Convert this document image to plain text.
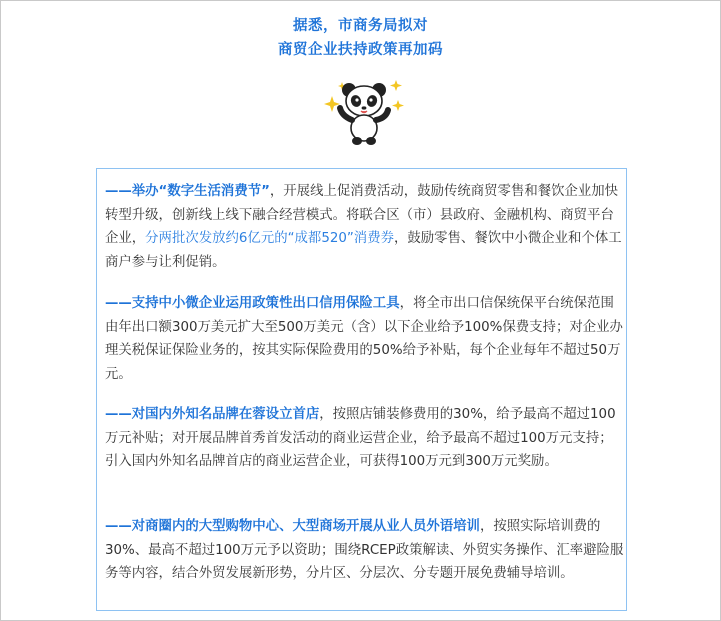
据悉，市商务局拟对
商贸企业扶持政策再加码

——举办“数字生活消费节”，开展线上促消费活动，鼓励传统商贸零售和餐饮企业加快转型升级，创新线上线下融合经营模式。将联合区（市）县政府、金融机构、商贸平台企业，分两批次发放约6亿元的“成都520”消费券，鼓励零售、餐饮中小微企业和个体工商户参与让利促销。

——支持中小微企业运用政策性出口信用保险工具，将全市出口信保统保平台统保范围由年出口额300万美元扩大至500万美元（含）以下企业给予100%保费支持；对企业办理关税保证保险业务的，按其实际保险费用的50%给予补贴，每个企业每年不超过50万元。

——对国内外知名品牌在蓉设立首店，按照店铺装修费用的30%，给予最高不超过100万元补贴；对开展品牌首秀首发活动的商业运营企业，给予最高不超过100万元支持；引入国内外知名品牌首店的商业运营企业，可获得100万元到300万元奖励。

——对商圈内的大型购物中心、大型商场开展从业人员外语培训，按照实际培训费的30%、最高不超过100万元予以资助；围绕RCEP政策解读、外贸实务操作、汇率避险服务等内容，结合外贸发展新形势，分片区、分层次、分专题开展免费辅导培训。
